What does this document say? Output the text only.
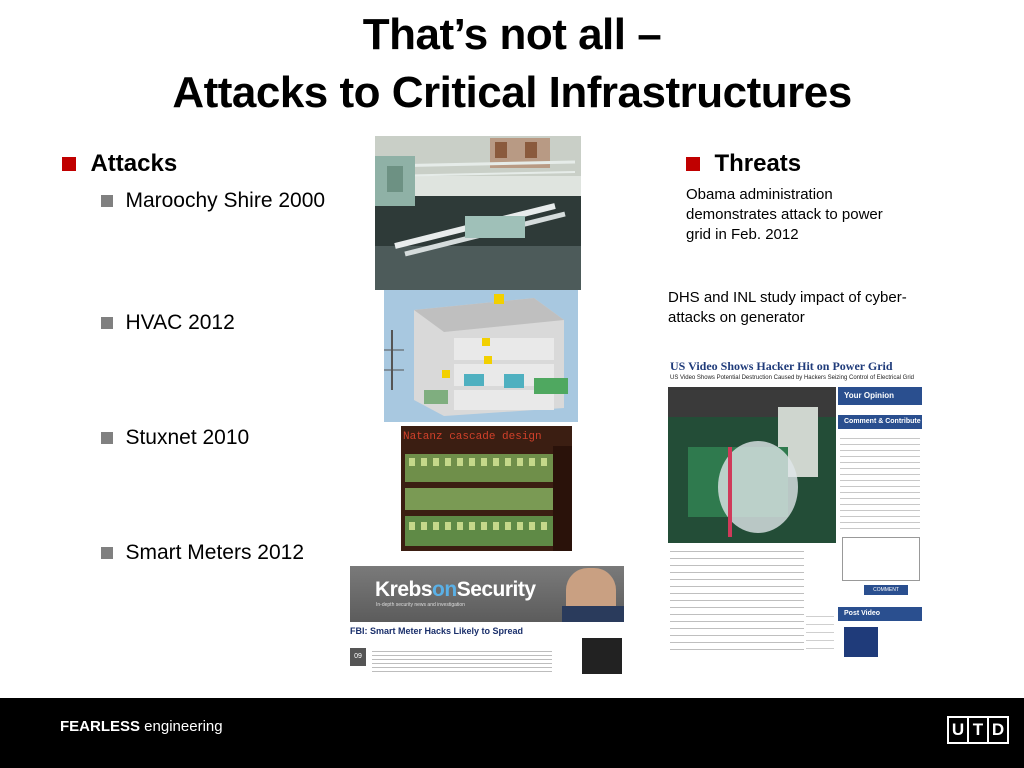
That’s not all –
Attacks to Critical Infrastructures
Attacks
Maroochy Shire 2000
HVAC 2012
Stuxnet 2010
Smart Meters 2012
Natanz cascade design
KrebsonSecurity
In-depth security news and investigation
FBI: Smart Meter Hacks Likely to Spread
09
Threats
Obama administration demonstrates attack to power grid in Feb. 2012
DHS and INL study impact of cyber-attacks on generator
US Video Shows Hacker Hit on Power Grid
US Video Shows Potential Destruction Caused by Hackers Seizing Control of Electrical Grid
Your Opinion
Comment & Contribute
COMMENT
Post Video
FEARLESS engineering	U T D
